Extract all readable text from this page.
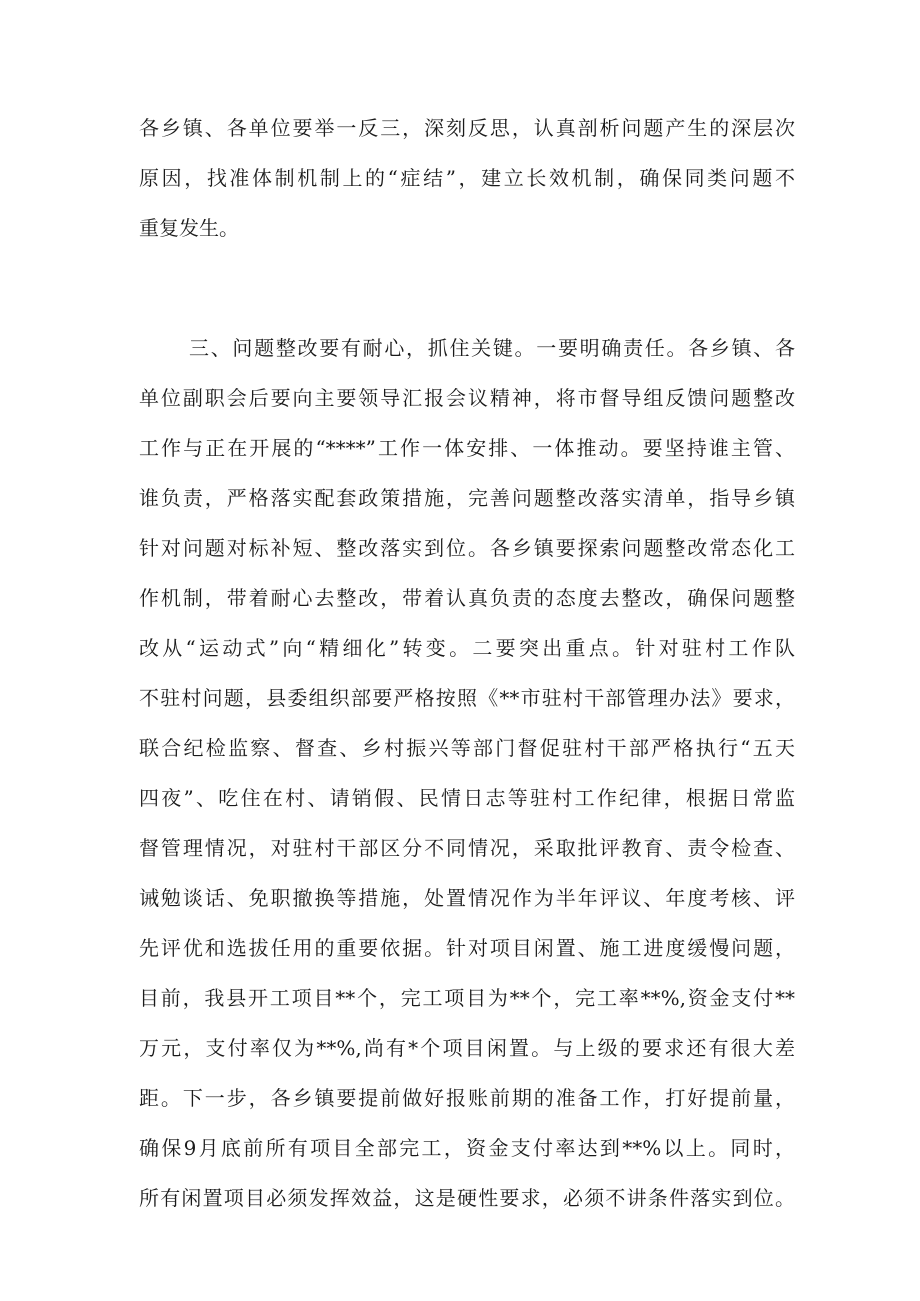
各乡镇、各单位要举一反三，深刻反思，认真剖析问题产生的深层次
原因，找准体制机制上的“症结”，建立长效机制，确保同类问题不
重复发生。
三、问题整改要有耐心，抓住关键。一要明确责任。各乡镇、各
单位副职会后要向主要领导汇报会议精神，将市督导组反馈问题整改
工作与正在开展的“****”工作一体安排、一体推动。要坚持谁主管、
谁负责，严格落实配套政策措施，完善问题整改落实清单，指导乡镇
针对问题对标补短、整改落实到位。各乡镇要探索问题整改常态化工
作机制，带着耐心去整改，带着认真负责的态度去整改，确保问题整
改从“运动式”向“精细化”转变。二要突出重点。针对驻村工作队
不驻村问题，县委组织部要严格按照《**市驻村干部管理办法》要求，
联合纪检监察、督查、乡村振兴等部门督促驻村干部严格执行“五天
四夜”、吃住在村、请销假、民情日志等驻村工作纪律，根据日常监
督管理情况，对驻村干部区分不同情况，采取批评教育、责令检查、
诫勉谈话、免职撤换等措施，处置情况作为半年评议、年度考核、评
先评优和选拔任用的重要依据。针对项目闲置、施工进度缓慢问题，
目前，我县开工项目**个，完工项目为**个，完工率**%,资金支付**
万元，支付率仅为**%,尚有*个项目闲置。与上级的要求还有很大差
距。下一步，各乡镇要提前做好报账前期的准备工作，打好提前量，
确保9月底前所有项目全部完工，资金支付率达到**%以上。同时，
所有闲置项目必须发挥效益，这是硬性要求，必须不讲条件落实到位。
